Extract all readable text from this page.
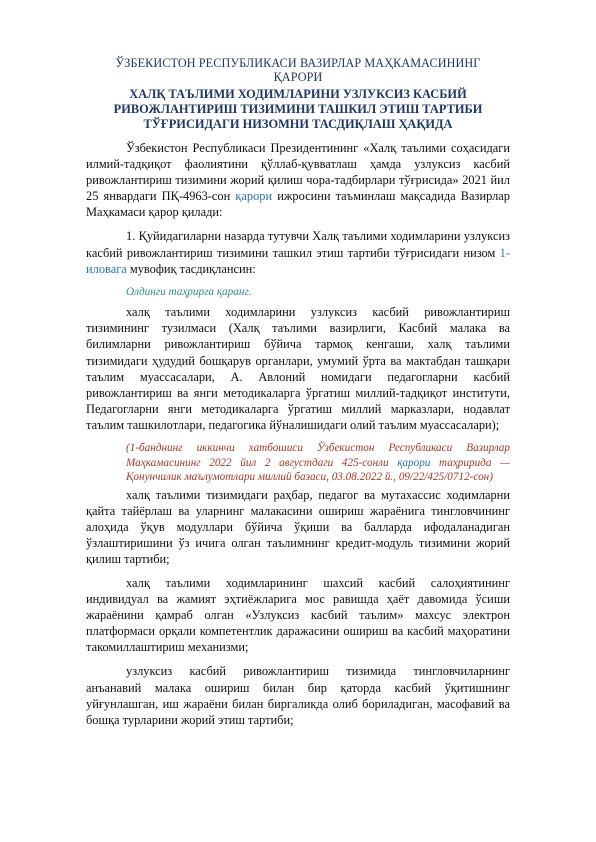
ЎЗБЕКИСТОН РЕСПУБЛИКАСИ ВАЗИРЛАР МАҲКАМАСИНИНГ
ҚАРОРИ
ХАЛҚ ТАЪЛИМИ ХОДИМЛАРИНИ УЗЛУКСИЗ КАСБИЙ РИВОЖЛАНТИРИШ ТИЗИМИНИ ТАШКИЛ ЭТИШ ТАРТИБИ ТЎҒРИСИДАГИ НИЗОМНИ ТАСДИҚЛАШ ҲАҚИДА

Ўзбекистон Республикаси Президентининг «Халқ таълими соҳасидаги илмий-тадқиқот фаолиятини қўллаб-қувватлаш ҳамда узлуксиз касбий ривожлантириш тизимини жорий қилиш чора-тадбирлари тўғрисида» 2021 йил 25 январдаги ПҚ-4963-сон қарори ижросини таъминлаш мақсадида Вазирлар Маҳкамаси қарор қилади:

1. Қуйидагиларни назарда тутувчи Халқ таълими ходимларини узлуксиз касбий ривожлантириш тизимини ташкил этиш тартиби тўғрисидаги низом 1-иловага мувофиқ тасдиқлансин:

Олдинги таҳрирга қаранг.

халқ таълими ходимларини узлуксиз касбий ривожлантириш тизимининг тузилмаси (Халқ таълими вазирлиги, Касбий малака ва билимларни ривожлантириш бўйича тармоқ кенгаши, халқ таълими тизимидаги ҳудудий бошқарув органлари, умумий ўрта ва мактабдан ташқари таълим муассасалари, А. Авлоний номидаги педагогларни касбий ривожлантириш ва янги методикаларга ўргатиш миллий-тадқиқот институти, Педагогларни янги методикаларга ўргатиш миллий марказлари, нодавлат таълим ташкилотлари, педагогика йўналишидаги олий таълим муассасалари);

(1-банднинг иккинчи хатбошиси Ўзбекистон Республикаси Вазирлар Маҳкамасининг 2022 йил 2 августдаги 425-сонли қарори таҳририда — Қонунчилик маълумотлари миллий базаси, 03.08.2022 й., 09/22/425/0712-сон)

халқ таълими тизимидаги раҳбар, педагог ва мутахассис ходимларни қайта тайёрлаш ва уларнинг малакасини ошириш жараёнига тингловчининг алоҳида ўқув модуллари бўйича ўқиши ва балларда ифодаланадиган ўзлаштиришини ўз ичига олган таълимнинг кредит-модуль тизимини жорий қилиш тартиби;

халқ таълими ходимларининг шахсий касбий салоҳиятининг индивидуал ва жамият эҳтиёжларига мос равишда ҳаёт давомида ўсиши жараёнини қамраб олган «Узлуксиз касбий таълим» махсус электрон платформаси орқали компетентлик даражасини ошириш ва касбий маҳоратини такомиллаштириш механизми;

узлуксиз касбий ривожлантириш тизимида тингловчиларнинг анъанавий малака ошириш билан бир қаторда касбий ўқитишнинг уйғунлашган, иш жараёни билан биргаликда олиб бориладиган, масофавий ва бошқа турларини жорий этиш тартиби;
